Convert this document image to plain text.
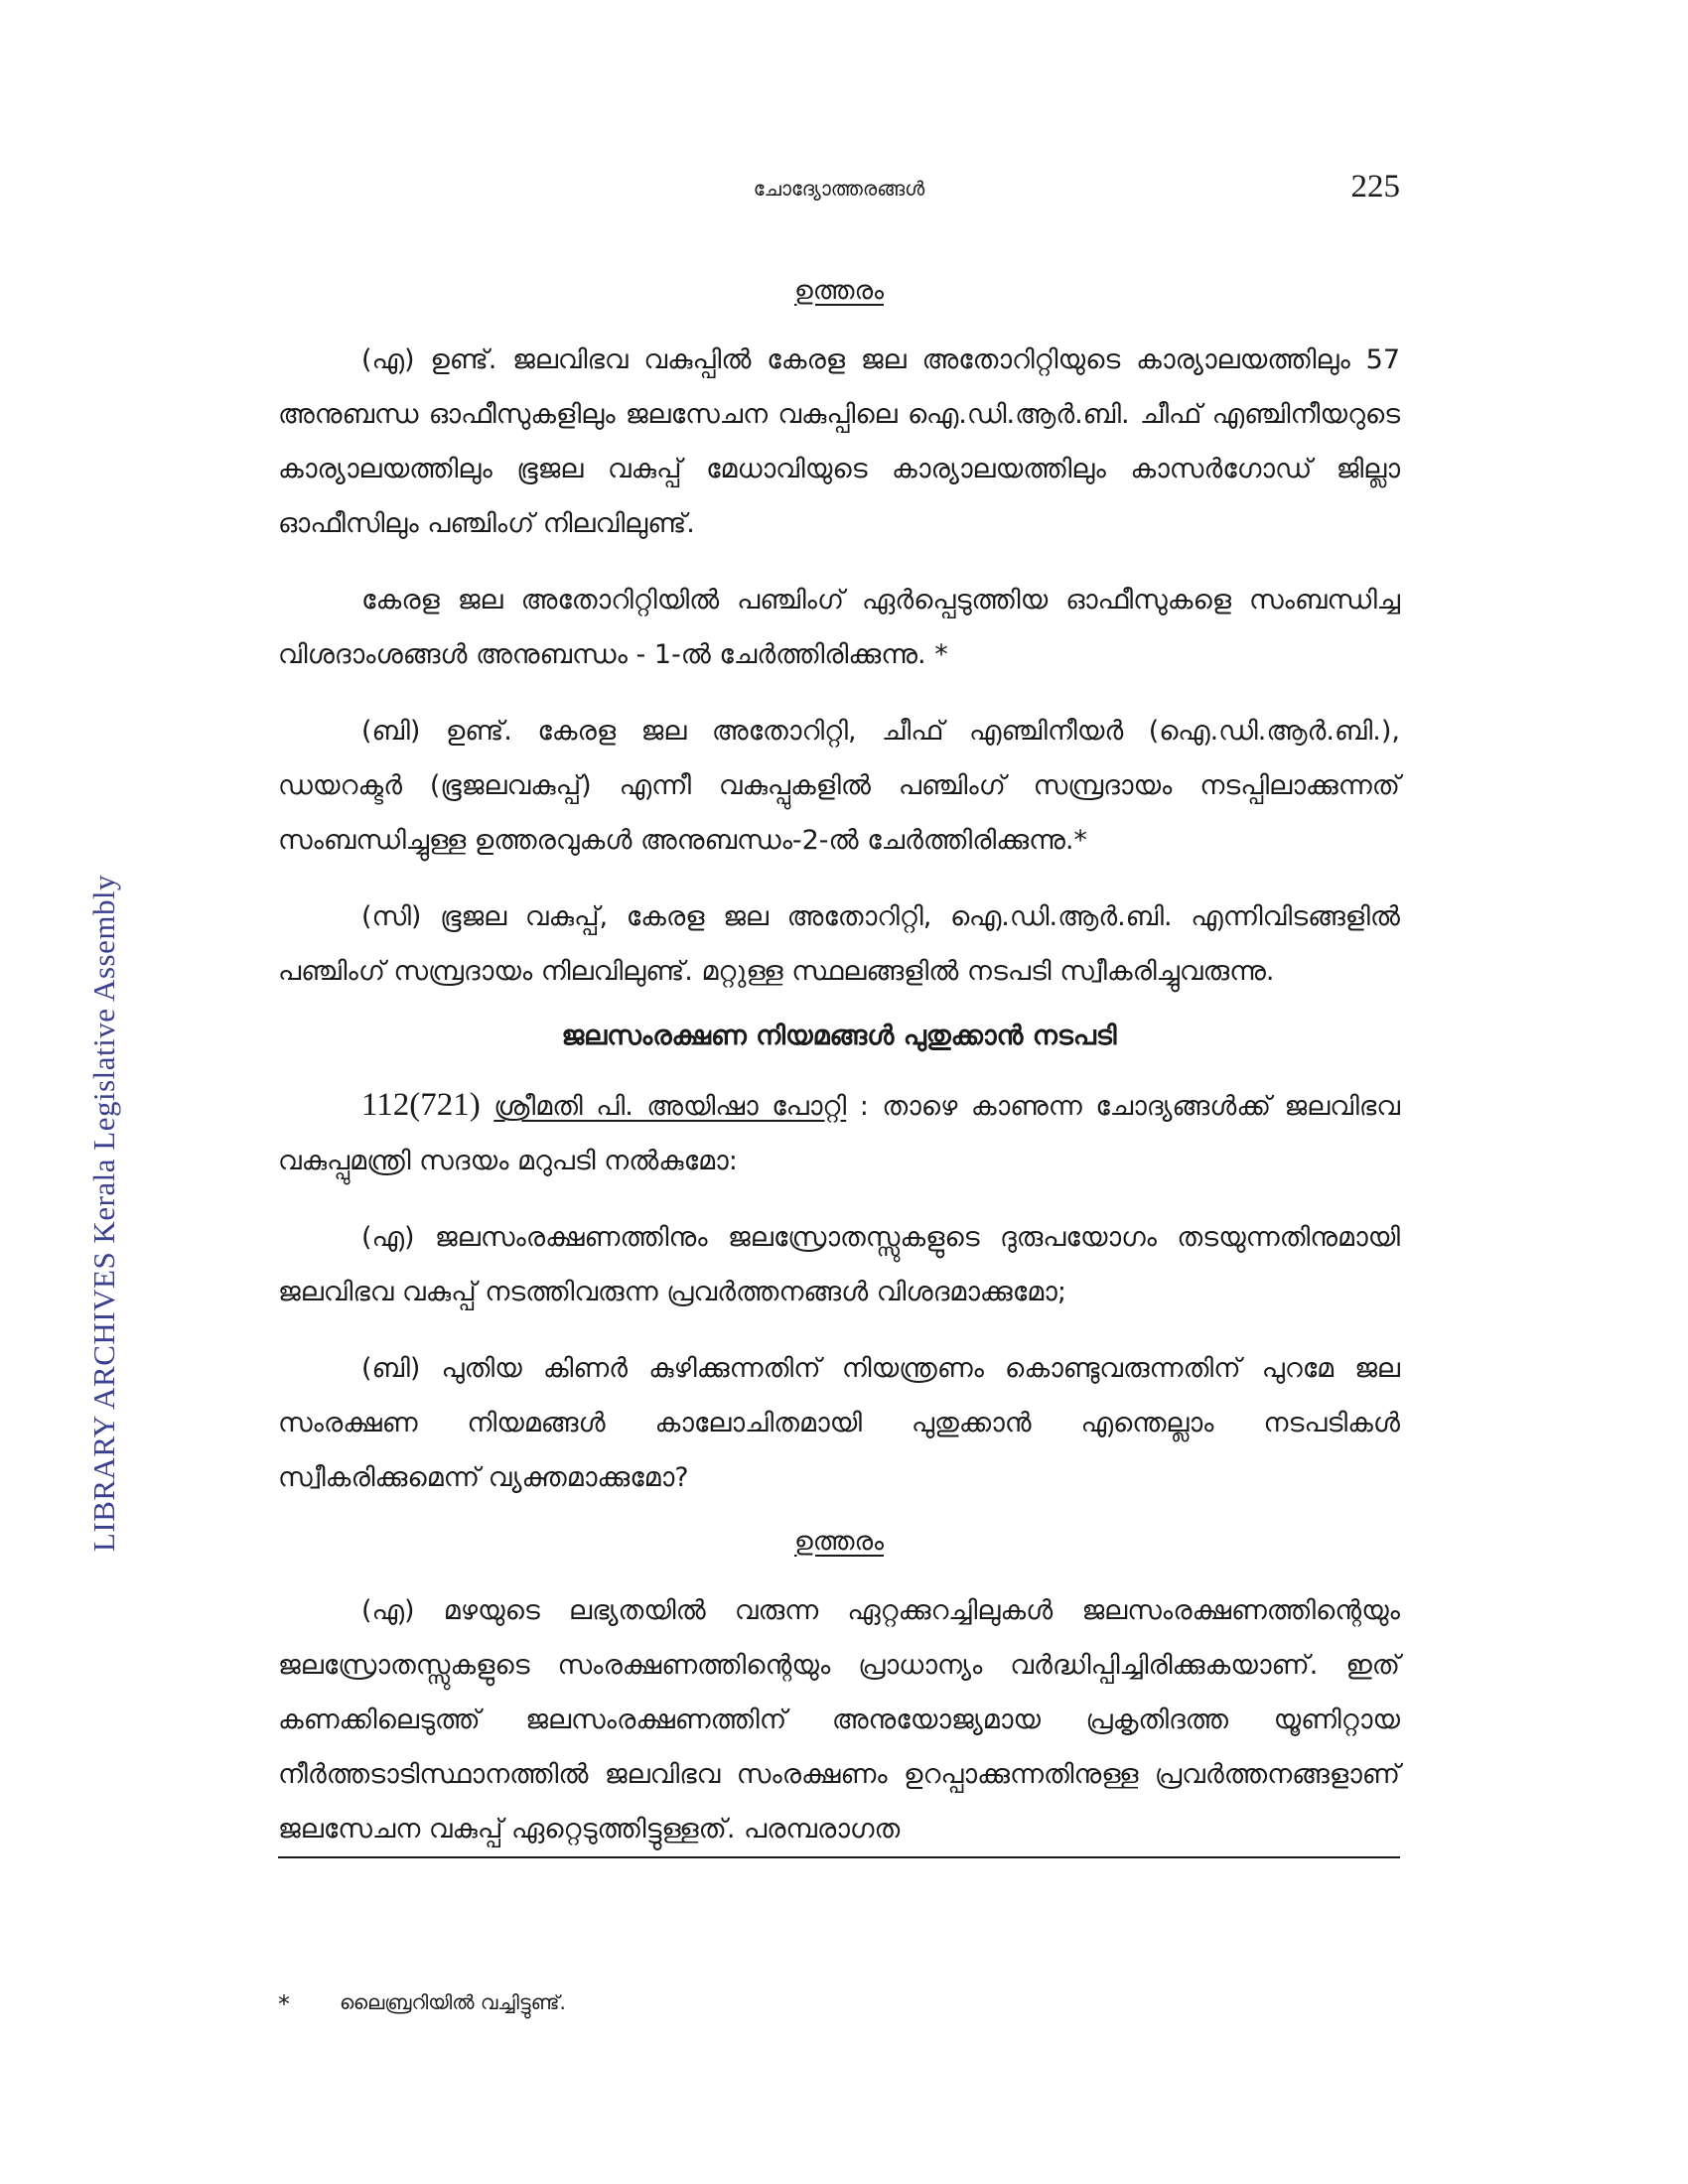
LIBRARY ARCHIVES Kerala Legislative Assembly
ചോദ്യോത്തരങ്ങൾ	225
ഉത്തരം

(എ) ഉണ്ട്. ജലവിഭവ വകുപ്പിൽ കേരള ജല അതോറിറ്റിയുടെ കാര്യാലയത്തിലും 57 അനുബന്ധ ഓഫീസുകളിലും ജലസേചന വകുപ്പിലെ ഐ.ഡി.ആർ.ബി. ചീഫ് എഞ്ചിനീയറുടെ കാര്യാലയത്തിലും ഭൂജല വകുപ്പ് മേധാവിയുടെ കാര്യാലയത്തിലും കാസർഗോഡ് ജില്ലാ ഓഫീസിലും പഞ്ചിംഗ് നിലവിലുണ്ട്.

കേരള ജല അതോറിറ്റിയിൽ പഞ്ചിംഗ് ഏർപ്പെടുത്തിയ ഓഫീസുകളെ സംബന്ധിച്ച വിശദാംശങ്ങൾ അനുബന്ധം - 1-ൽ ചേർത്തിരിക്കുന്നു. *

(ബി) ഉണ്ട്. കേരള ജല അതോറിറ്റി, ചീഫ് എഞ്ചിനീയർ (ഐ.ഡി.ആർ.ബി.), ഡയറക്ടർ (ഭൂജലവകുപ്പ്) എന്നീ വകുപ്പുകളിൽ പഞ്ചിംഗ് സമ്പ്രദായം നടപ്പിലാക്കുന്നത് സംബന്ധിച്ചുള്ള ഉത്തരവുകൾ അനുബന്ധം-2-ൽ ചേർത്തിരിക്കുന്നു.*

(സി) ഭൂജല വകുപ്പ്, കേരള ജല അതോറിറ്റി, ഐ.ഡി.ആർ.ബി. എന്നിവിടങ്ങളിൽ പഞ്ചിംഗ് സമ്പ്രദായം നിലവിലുണ്ട്. മറ്റുള്ള സ്ഥലങ്ങളിൽ നടപടി സ്വീകരിച്ചുവരുന്നു.

ജലസംരക്ഷണ നിയമങ്ങൾ പുതുക്കാൻ നടപടി

112(721) ശ്രീമതി പി. അയിഷാ പോറ്റി : താഴെ കാണുന്ന ചോദ്യങ്ങൾക്ക് ജലവിഭവ വകുപ്പുമന്ത്രി സദയം മറുപടി നൽകുമോ:

(എ) ജലസംരക്ഷണത്തിനും ജലസ്രോതസ്സുകളുടെ ദുരുപയോഗം തടയുന്നതിനുമായി ജലവിഭവ വകുപ്പ് നടത്തിവരുന്ന പ്രവർത്തനങ്ങൾ വിശദമാക്കുമോ;

(ബി) പുതിയ കിണർ കുഴിക്കുന്നതിന് നിയന്ത്രണം കൊണ്ടുവരുന്നതിന് പുറമേ ജല സംരക്ഷണ നിയമങ്ങൾ കാലോചിതമായി പുതുക്കാൻ എന്തെല്ലാം നടപടികൾ സ്വീകരിക്കുമെന്ന് വ്യക്തമാക്കുമോ?

ഉത്തരം

(എ) മഴയുടെ ലഭ്യതയിൽ വരുന്ന ഏറ്റക്കുറച്ചിലുകൾ ജലസംരക്ഷണത്തിന്റെയും ജലസ്രോതസ്സുകളുടെ സംരക്ഷണത്തിന്റെയും പ്രാധാന്യം വർദ്ധിപ്പിച്ചിരിക്കുകയാണ്. ഇത് കണക്കിലെടുത്ത് ജലസംരക്ഷണത്തിന് അനുയോജ്യമായ പ്രകൃതിദത്ത യൂണിറ്റായ നീർത്തടാടിസ്ഥാനത്തിൽ ജലവിഭവ സംരക്ഷണം ഉറപ്പാക്കുന്നതിനുള്ള പ്രവർത്തനങ്ങളാണ് ജലസേചന വകുപ്പ് ഏറ്റെടുത്തിട്ടുള്ളത്. പരമ്പരാഗത

*	ലൈബ്രറിയിൽ വച്ചിട്ടുണ്ട്.
